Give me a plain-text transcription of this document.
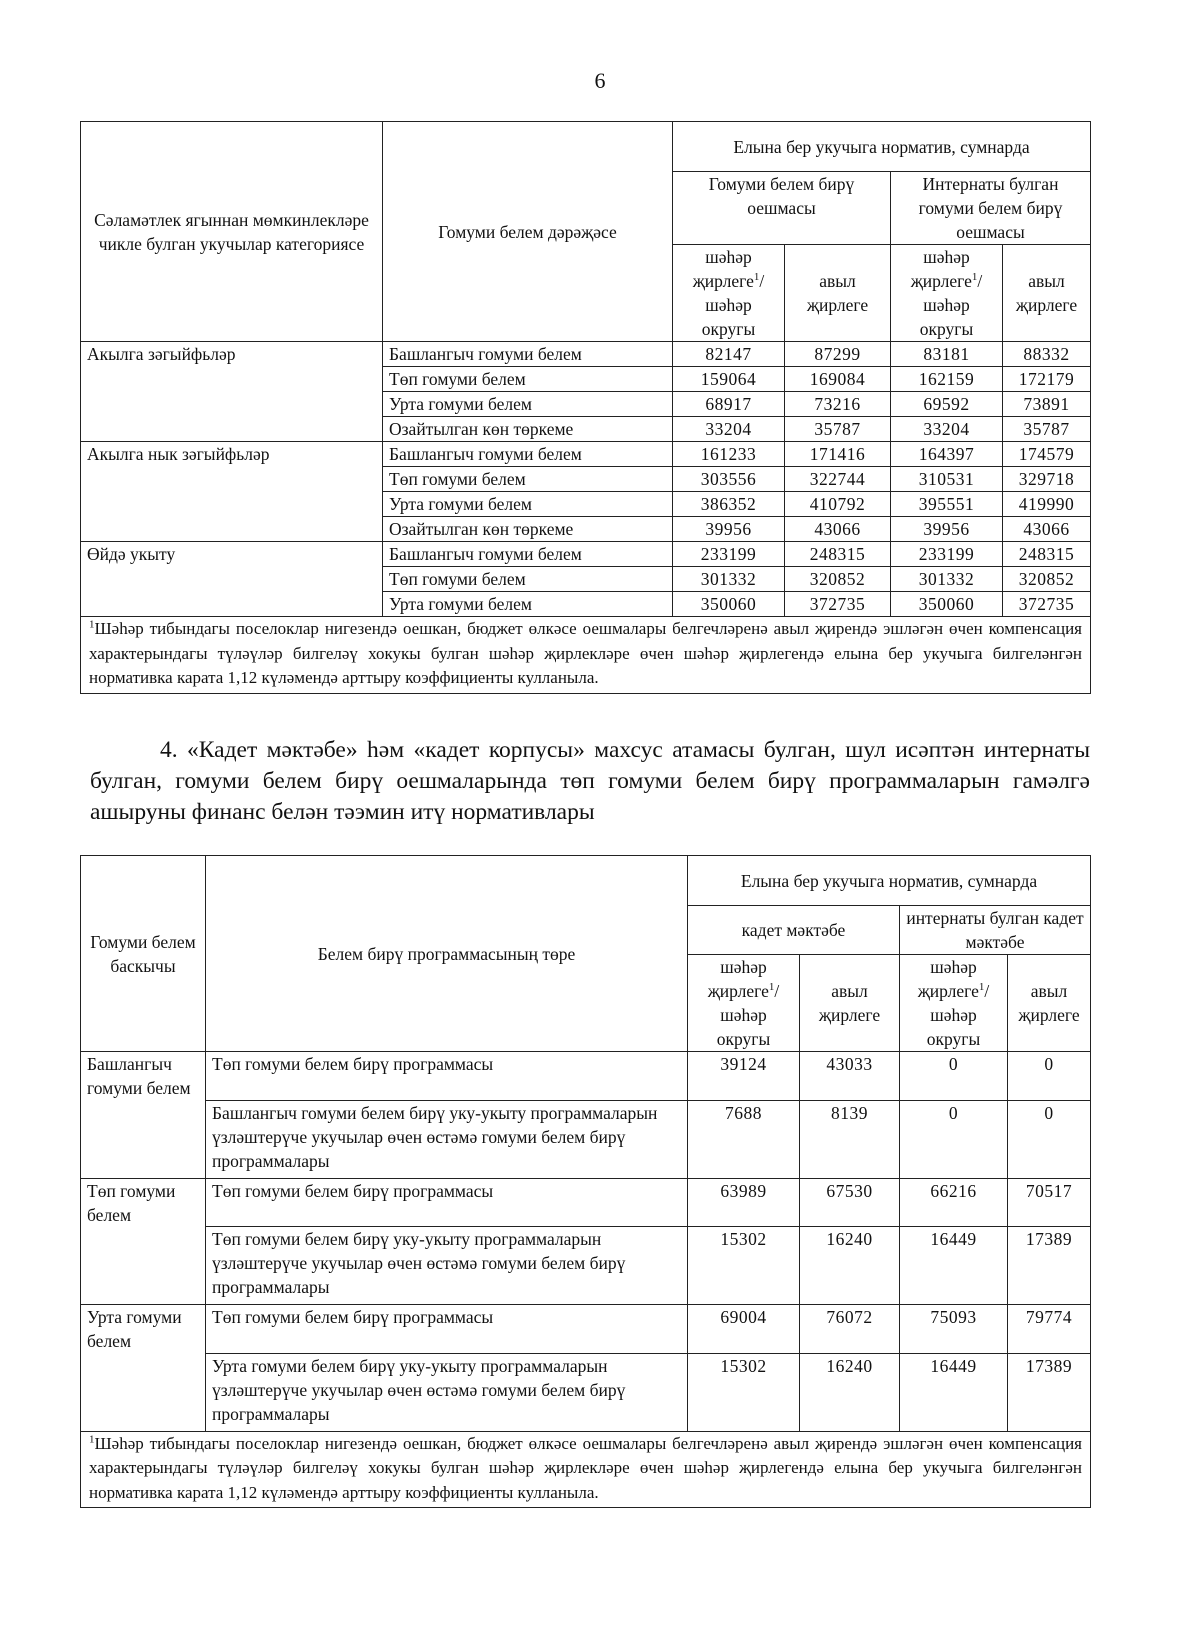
6
Сәламәтлек ягыннан мөмкинлекләре чикле булган укучылар категориясе	Гомуми белем дәрәҗәсе	Елына бер укучыга норматив, сумнарда			
		Гомуми белем бирү оешмасы		Интернаты булган гомуми белем бирү оешмасы	
		шәһәр җирлеге$^1$/ шәһәр округы	авыл җирлеге	шәһәр җирлеге$^1$/ шәһәр округы	авыл җирлеге
Акылга зәгыйфьләр	Башлангыч гомуми белем	82147	87299	83181	88332
	Төп гомуми белем	159064	169084	162159	172179
	Урта гомуми белем	68917	73216	69592	73891
	Озайтылган көн төркеме	33204	35787	33204	35787
Акылга нык зәгыйфьләр	Башлангыч гомуми белем	161233	171416	164397	174579
	Төп гомуми белем	303556	322744	310531	329718
	Урта гомуми белем	386352	410792	395551	419990
	Озайтылган көн төркеме	39956	43066	39956	43066
Өйдә укыту	Башлангыч гомуми белем	233199	248315	233199	248315
	Төп гомуми белем	301332	320852	301332	320852
	Урта гомуми белем	350060	372735	350060	372735
$^1$Шәһәр тибындагы поселоклар нигезендә оешкан, бюджет өлкәсе оешмалары белгечләренә авыл җирендә эшләгән өчен компенсация характерындагы түләүләр билгеләү хокукы булган шәһәр җирлекләре өчен шәһәр җирлегендә елына бер укучыга билгеләнгән нормативка карата 1,12 күләмендә арттыру коэффициенты кулланыла.					
4. «Кадет мәктәбе» һәм «кадет корпусы» махсус атамасы булган, шул исәптән интернаты булган, гомуми белем бирү оешмаларында төп гомуми белем бирү программаларын гамәлгә ашыруны финанс белән тәэмин итү нормативлары
Гомуми белем баскычы	Белем бирү программасының төре	Елына бер укучыга норматив, сумнарда			
		кадет мәктәбе		интернаты булган кадет мәктәбе	
		шәһәр җирлеге$^1$/ шәһәр округы	авыл җирлеге	шәһәр җирлеге$^1$/ шәһәр округы	авыл җирлеге
Башлангыч гомуми белем	Төп гомуми белем бирү программасы	39124	43033	0	0
	Башлангыч гомуми белем бирү уку-укыту программаларын үзләштерүче укучылар өчен өстәмә гомуми белем бирү программалары	7688	8139	0	0
Төп гомуми белем	Төп гомуми белем бирү программасы	63989	67530	66216	70517
	Төп гомуми белем бирү уку-укыту программаларын үзләштерүче укучылар өчен өстәмә гомуми белем бирү программалары	15302	16240	16449	17389
Урта гомуми белем	Төп гомуми белем бирү программасы	69004	76072	75093	79774
	Урта гомуми белем бирү уку-укыту программаларын үзләштерүче укучылар өчен өстәмә гомуми белем бирү программалары	15302	16240	16449	17389
$^1$Шәһәр тибындагы поселоклар нигезендә оешкан, бюджет өлкәсе оешмалары белгечләренә авыл җирендә эшләгән өчен компенсация характерындагы түләүләр билгеләү хокукы булган шәһәр җирлекләре өчен шәһәр җирлегендә елына бер укучыга билгеләнгән нормативка карата 1,12 күләмендә арттыру коэффициенты кулланыла.					
